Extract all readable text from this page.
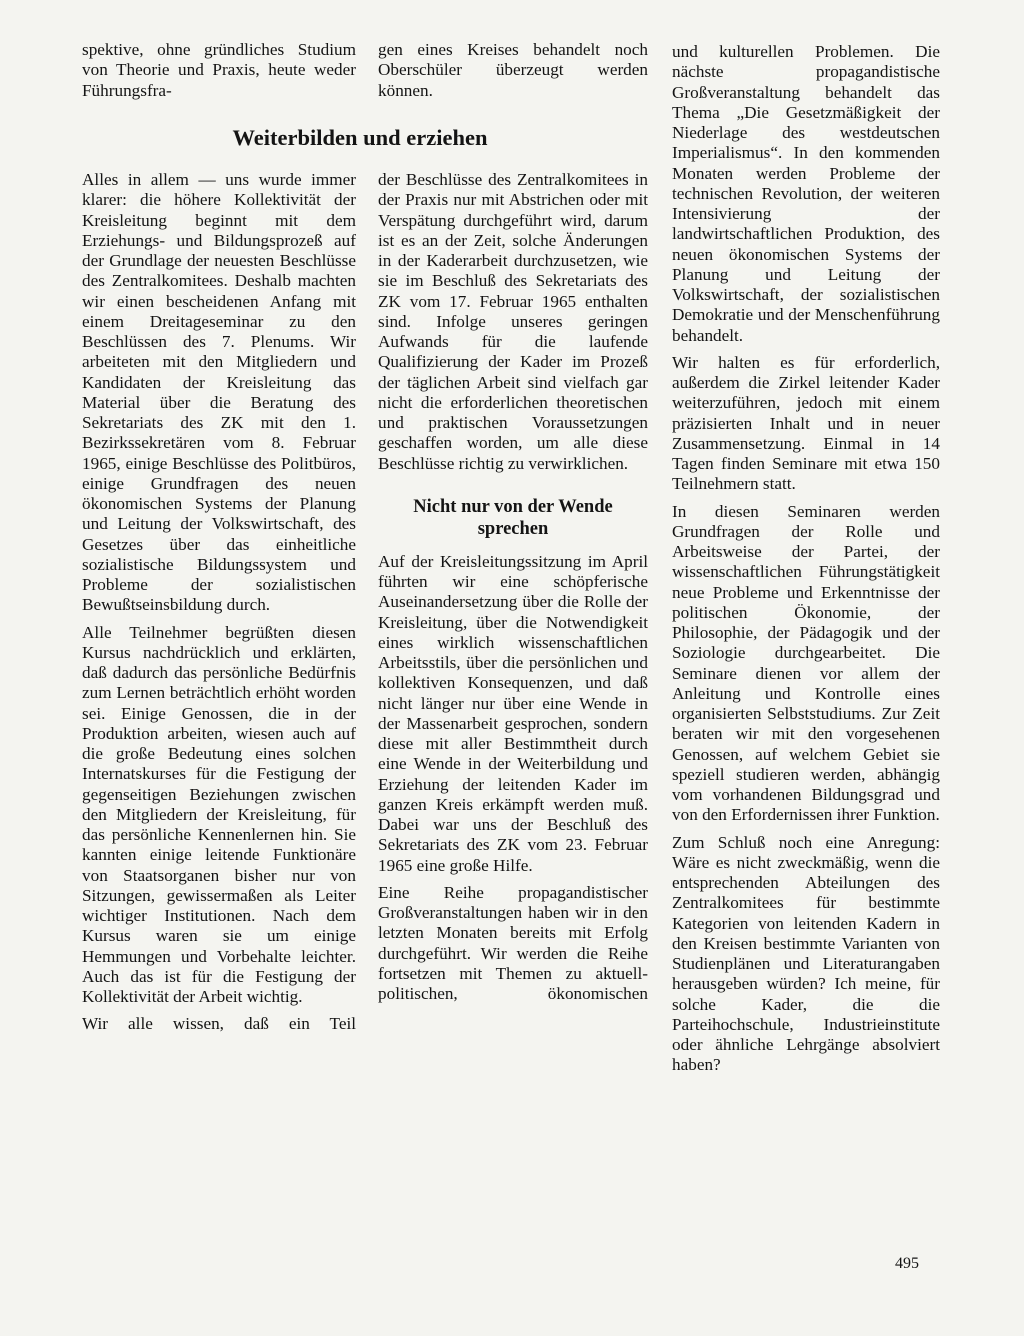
spektive, ohne gründliches Studium von Theorie und Praxis, heute weder Führungsfra-

gen eines Kreises behandelt noch Oberschüler überzeugt werden können.

Weiterbilden und erziehen

Alles in allem — uns wurde immer klarer: die höhere Kollektivität der Kreisleitung beginnt mit dem Erziehungs- und Bildungsprozeß auf der Grundlage der neuesten Beschlüsse des Zentralkomitees. Deshalb machten wir einen bescheidenen Anfang mit einem Dreitageseminar zu den Beschlüssen des 7. Plenums. Wir arbeiteten mit den Mitgliedern und Kandidaten der Kreisleitung das Material über die Beratung des Sekretariats des ZK mit den 1. Bezirkssekretären vom 8. Februar 1965, einige Beschlüsse des Politbüros, einige Grundfragen des neuen ökonomischen Systems der Planung und Leitung der Volkswirtschaft, des Gesetzes über das einheitliche sozialistische Bildungssystem und Probleme der sozialistischen Bewußtseinsbildung durch.

Alle Teilnehmer begrüßten diesen Kursus nachdrücklich und erklärten, daß dadurch das persönliche Bedürfnis zum Lernen beträchtlich erhöht worden sei. Einige Genossen, die in der Produktion arbeiten, wiesen auch auf die große Bedeutung eines solchen Internatskurses für die Festigung der gegenseitigen Beziehungen zwischen den Mitgliedern der Kreisleitung, für das persönliche Kennenlernen hin. Sie kannten einige leitende Funktionäre von Staatsorganen bisher nur von Sitzungen, gewissermaßen als Leiter wichtiger Institutionen. Nach dem Kursus waren sie um einige Hemmungen und Vorbehalte leichter. Auch das ist für die Festigung der Kollektivität der Arbeit wichtig.

Wir alle wissen, daß ein Teil

der Beschlüsse des Zentralkomitees in der Praxis nur mit Abstrichen oder mit Verspätung durchgeführt wird, darum ist es an der Zeit, solche Änderungen in der Kaderarbeit durchzusetzen, wie sie im Beschluß des Sekretariats des ZK vom 17. Februar 1965 enthalten sind. Infolge unseres geringen Aufwands für die laufende Qualifizierung der Kader im Prozeß der täglichen Arbeit sind vielfach gar nicht die erforderlichen theoretischen und praktischen Voraussetzungen geschaffen worden, um alle diese Beschlüsse richtig zu verwirklichen.

Nicht nur von der Wende sprechen

Auf der Kreisleitungssitzung im April führten wir eine schöpferische Auseinandersetzung über die Rolle der Kreisleitung, über die Notwendigkeit eines wirklich wissenschaftlichen Arbeitsstils, über die persönlichen und kollektiven Konsequenzen, und daß nicht länger nur über eine Wende in der Massenarbeit gesprochen, sondern diese mit aller Bestimmtheit durch eine Wende in der Weiterbildung und Erziehung der leitenden Kader im ganzen Kreis erkämpft werden muß. Dabei war uns der Beschluß des Sekretariats des ZK vom 23. Februar 1965 eine große Hilfe.

Eine Reihe propagandistischer Großveranstaltungen haben wir in den letzten Monaten bereits mit Erfolg durchgeführt. Wir werden die Reihe fortsetzen mit Themen zu aktuell-politischen, ökonomischen

und kulturellen Problemen. Die nächste propagandistische Großveranstaltung behandelt das Thema „Die Gesetzmäßigkeit der Niederlage des westdeutschen Imperialismus“. In den kommenden Monaten werden Probleme der technischen Revolution, der weiteren Intensivierung der landwirtschaftlichen Produktion, des neuen ökonomischen Systems der Planung und Leitung der Volkswirtschaft, der sozialistischen Demokratie und der Menschenführung behandelt.

Wir halten es für erforderlich, außerdem die Zirkel leitender Kader weiterzuführen, jedoch mit einem präzisierten Inhalt und in neuer Zusammensetzung. Einmal in 14 Tagen finden Seminare mit etwa 150 Teilnehmern statt.

In diesen Seminaren werden Grundfragen der Rolle und Arbeitsweise der Partei, der wissenschaftlichen Führungstätigkeit neue Probleme und Erkenntnisse der politischen Ökonomie, der Philosophie, der Pädagogik und der Soziologie durchgearbeitet. Die Seminare dienen vor allem der Anleitung und Kontrolle eines organisierten Selbststudiums. Zur Zeit beraten wir mit den vorgesehenen Genossen, auf welchem Gebiet sie speziell studieren werden, abhängig vom vorhandenen Bildungsgrad und von den Erfordernissen ihrer Funktion.

Zum Schluß noch eine Anregung: Wäre es nicht zweckmäßig, wenn die entsprechenden Abteilungen des Zentralkomitees für bestimmte Kategorien von leitenden Kadern in den Kreisen bestimmte Varianten von Studienplänen und Literaturangaben herausgeben würden? Ich meine, für solche Kader, die die Parteihochschule, Industrieinstitute oder ähnliche Lehrgänge absolviert haben?

495
